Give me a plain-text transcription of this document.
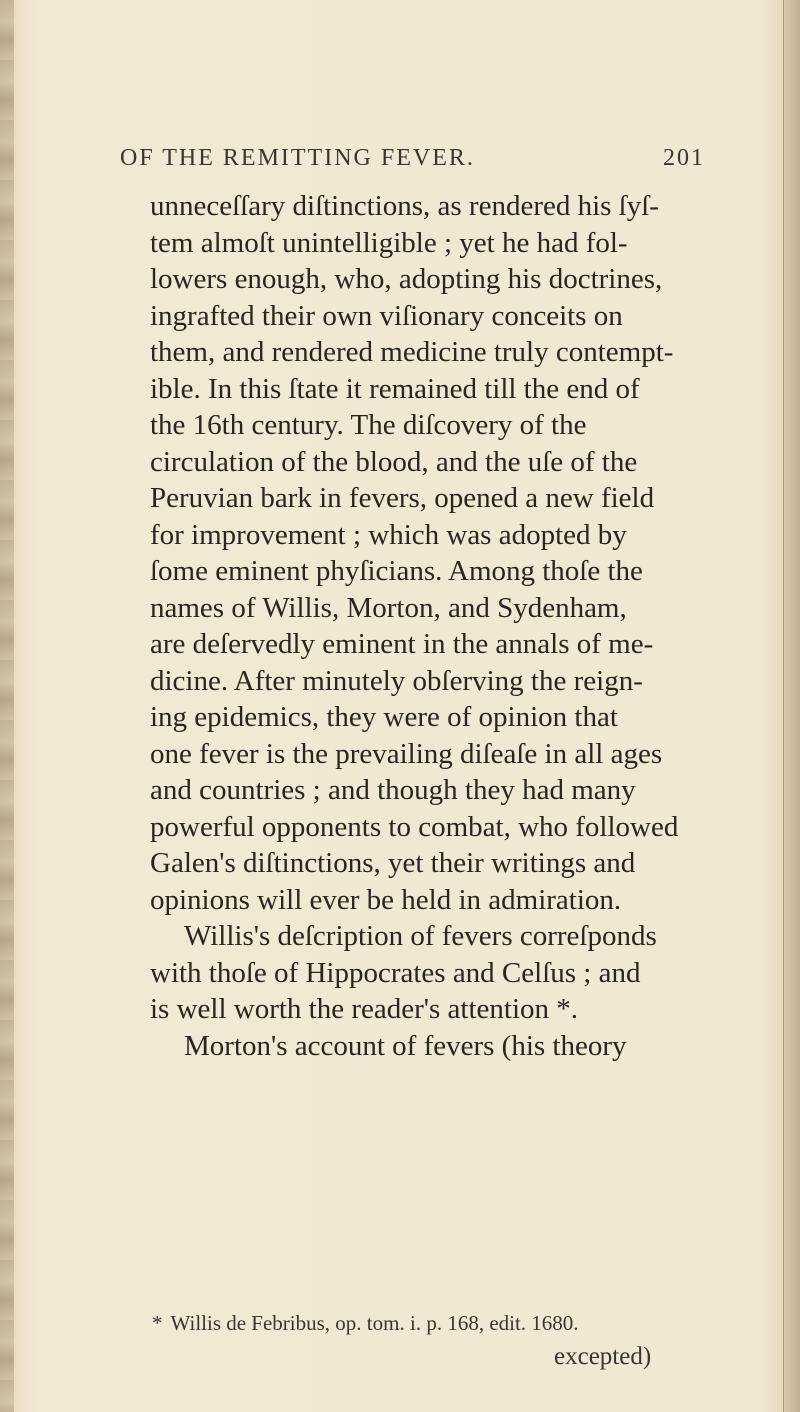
OF THE REMITTING FEVER.	201
unneceſſary diſtinctions, as rendered his ſyſ-
tem almoſt unintelligible ; yet he had fol-
lowers enough, who, adopting his doctrines,
ingrafted their own viſionary conceits on
them, and rendered medicine truly contempt-
ible. In this ſtate it remained till the end of
the 16th century. The diſcovery of the
circulation of the blood, and the uſe of the
Peruvian bark in fevers, opened a new field
for improvement ; which was adopted by
ſome eminent phyſicians. Among thoſe the
names of Willis, Morton, and Sydenham,
are deſervedly eminent in the annals of me-
dicine. After minutely obſerving the reign-
ing epidemics, they were of opinion that
one fever is the prevailing diſeaſe in all ages
and countries ; and though they had many
powerful opponents to combat, who followed
Galen's diſtinctions, yet their writings and
opinions will ever be held in admiration.
Willis's deſcription of fevers correſponds
with thoſe of Hippocrates and Celſus ; and
is well worth the reader's attention *.
Morton's account of fevers (his theory
* Willis de Febribus, op. tom. i. p. 168, edit. 1680.
excepted)
